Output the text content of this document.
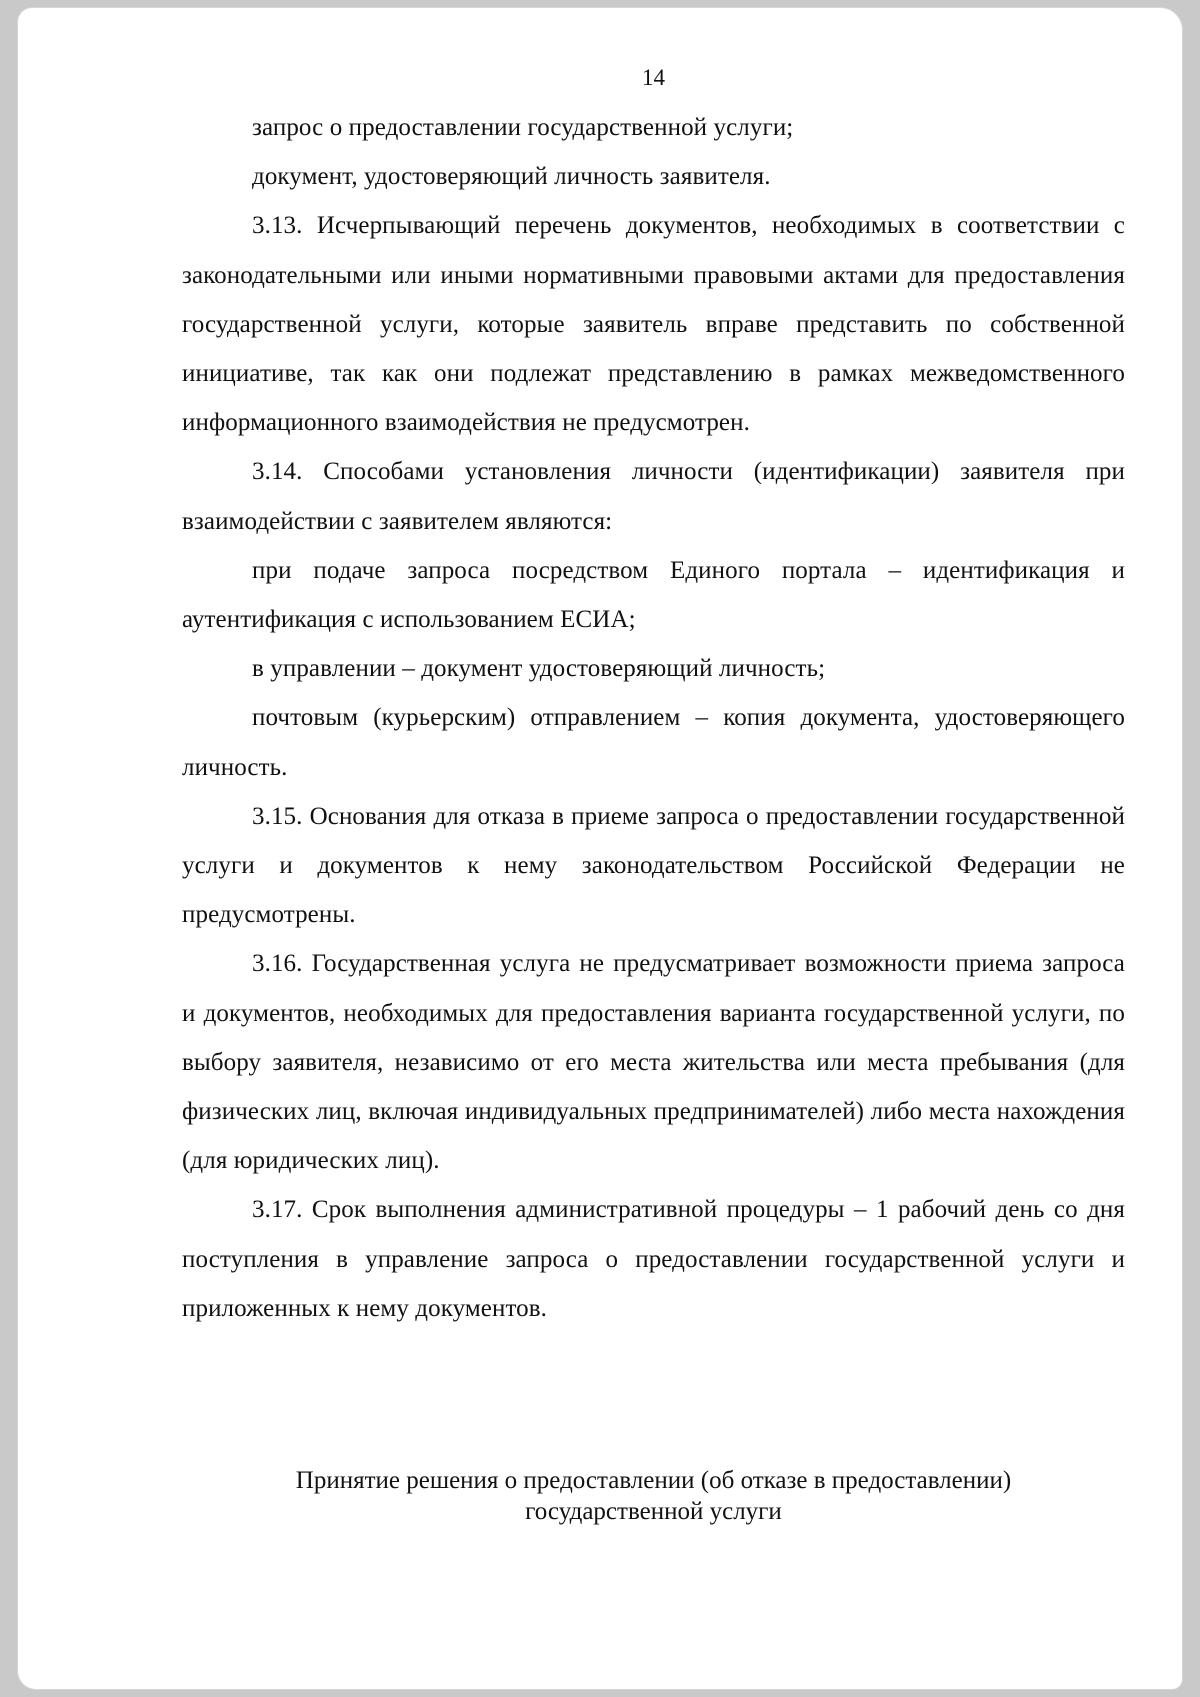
14

запрос о предоставлении государственной услуги;

документ, удостоверяющий личность заявителя.

3.13. Исчерпывающий перечень документов, необходимых в соответствии с законодательными или иными нормативными правовыми актами для предоставления государственной услуги, которые заявитель вправе представить по собственной инициативе, так как они подлежат представлению в рамках межведомственного информационного взаимодействия не предусмотрен.

3.14. Способами установления личности (идентификации) заявителя при взаимодействии с заявителем являются:

при подаче запроса посредством Единого портала – идентификация и аутентификация с использованием ЕСИА;

в управлении – документ удостоверяющий личность;

почтовым (курьерским) отправлением – копия документа, удостоверяющего личность.

3.15. Основания для отказа в приеме запроса о предоставлении государственной услуги и документов к нему законодательством Российской Федерации не предусмотрены.

3.16. Государственная услуга не предусматривает возможности приема запроса и документов, необходимых для предоставления варианта государственной услуги, по выбору заявителя, независимо от его места жительства или места пребывания (для физических лиц, включая индивидуальных предпринимателей) либо места нахождения (для юридических лиц).

3.17. Срок выполнения административной процедуры – 1 рабочий день со дня поступления в управление запроса о предоставлении государственной услуги и приложенных к нему документов.

Принятие решения о предоставлении (об отказе в предоставлении)
государственной услуги
